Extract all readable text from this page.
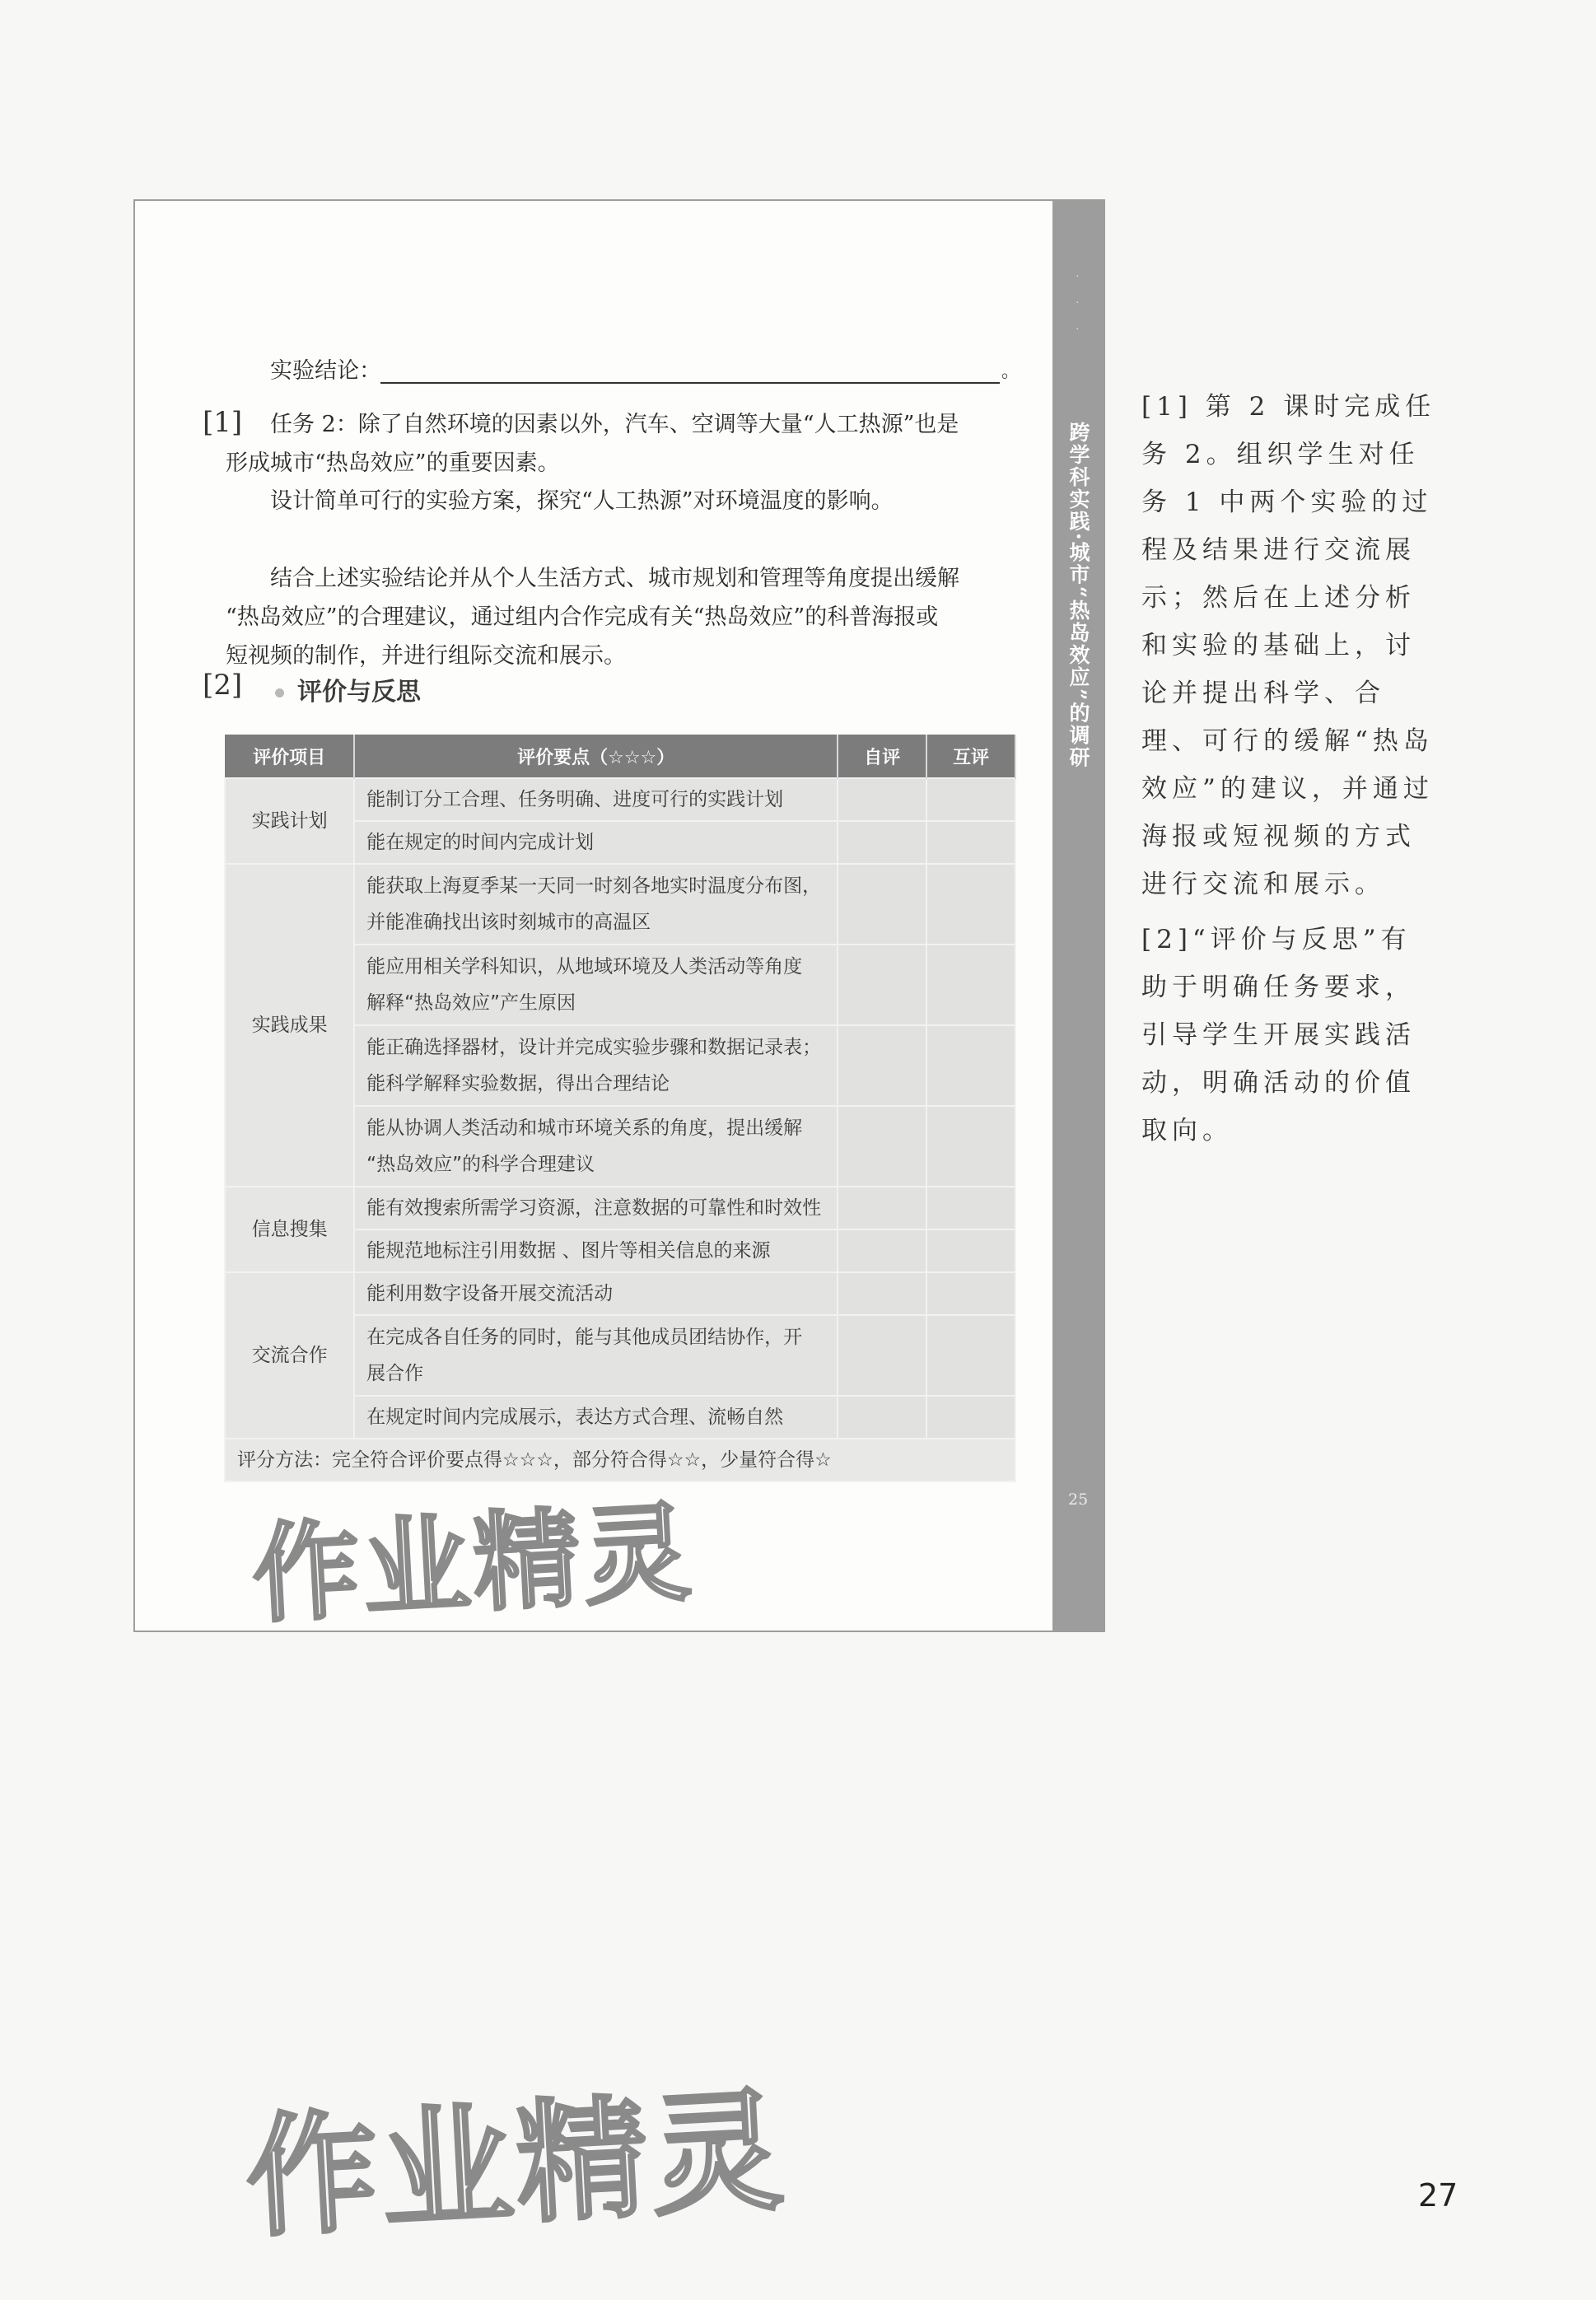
·
·
·
跨学科实践·城市“热岛效应”的调研
25
实验结论：	。
[1] 任务 2：除了自然环境的因素以外，汽车、空调等大量“人工热源”也是
形成城市“热岛效应”的重要因素。
设计简单可行的实验方案，探究“人工热源”对环境温度的影响。
结合上述实验结论并从个人生活方式、城市规划和管理等角度提出缓解
“热岛效应”的合理建议，通过组内合作完成有关“热岛效应”的科普海报或
短视频的制作，并进行组际交流和展示。
[2]	评价与反思
评价项目	评价要点（☆☆☆）	自评	互评
实践计划	能制订分工合理、任务明确、进度可行的实践计划		
	能在规定的时间内完成计划		
实践成果	能获取上海夏季某一天同一时刻各地实时温度分布图，
并能准确找出该时刻城市的高温区		
	能应用相关学科知识，从地域环境及人类活动等角度
解释“热岛效应”产生原因		
	能正确选择器材，设计并完成实验步骤和数据记录表；
能科学解释实验数据，得出合理结论		
	能从协调人类活动和城市环境关系的角度，提出缓解
“热岛效应”的科学合理建议		
信息搜集	能有效搜索所需学习资源，注意数据的可靠性和时效性		
	能规范地标注引用数据 、图片等相关信息的来源		
交流合作	能利用数字设备开展交流活动		
	在完成各自任务的同时，能与其他成员团结协作，开
展合作		
	在规定时间内完成展示，表达方式合理、流畅自然		
评分方法：完全符合评价要点得☆☆☆，部分符合得☆☆，少量符合得☆			
[1] 第 2 课时完成任务 2。组织学生对任务 1 中两个实验的过程及结果进行交流展示；然后在上述分析和实验的基础上，讨论并提出科学、合理、可行的缓解“热岛效应”的建议，并通过海报或短视频的方式进行交流和展示。
[2]“评价与反思”有助于明确任务要求，引导学生开展实践活动，明确活动的价值取向。
作业精灵
作业精灵	27
